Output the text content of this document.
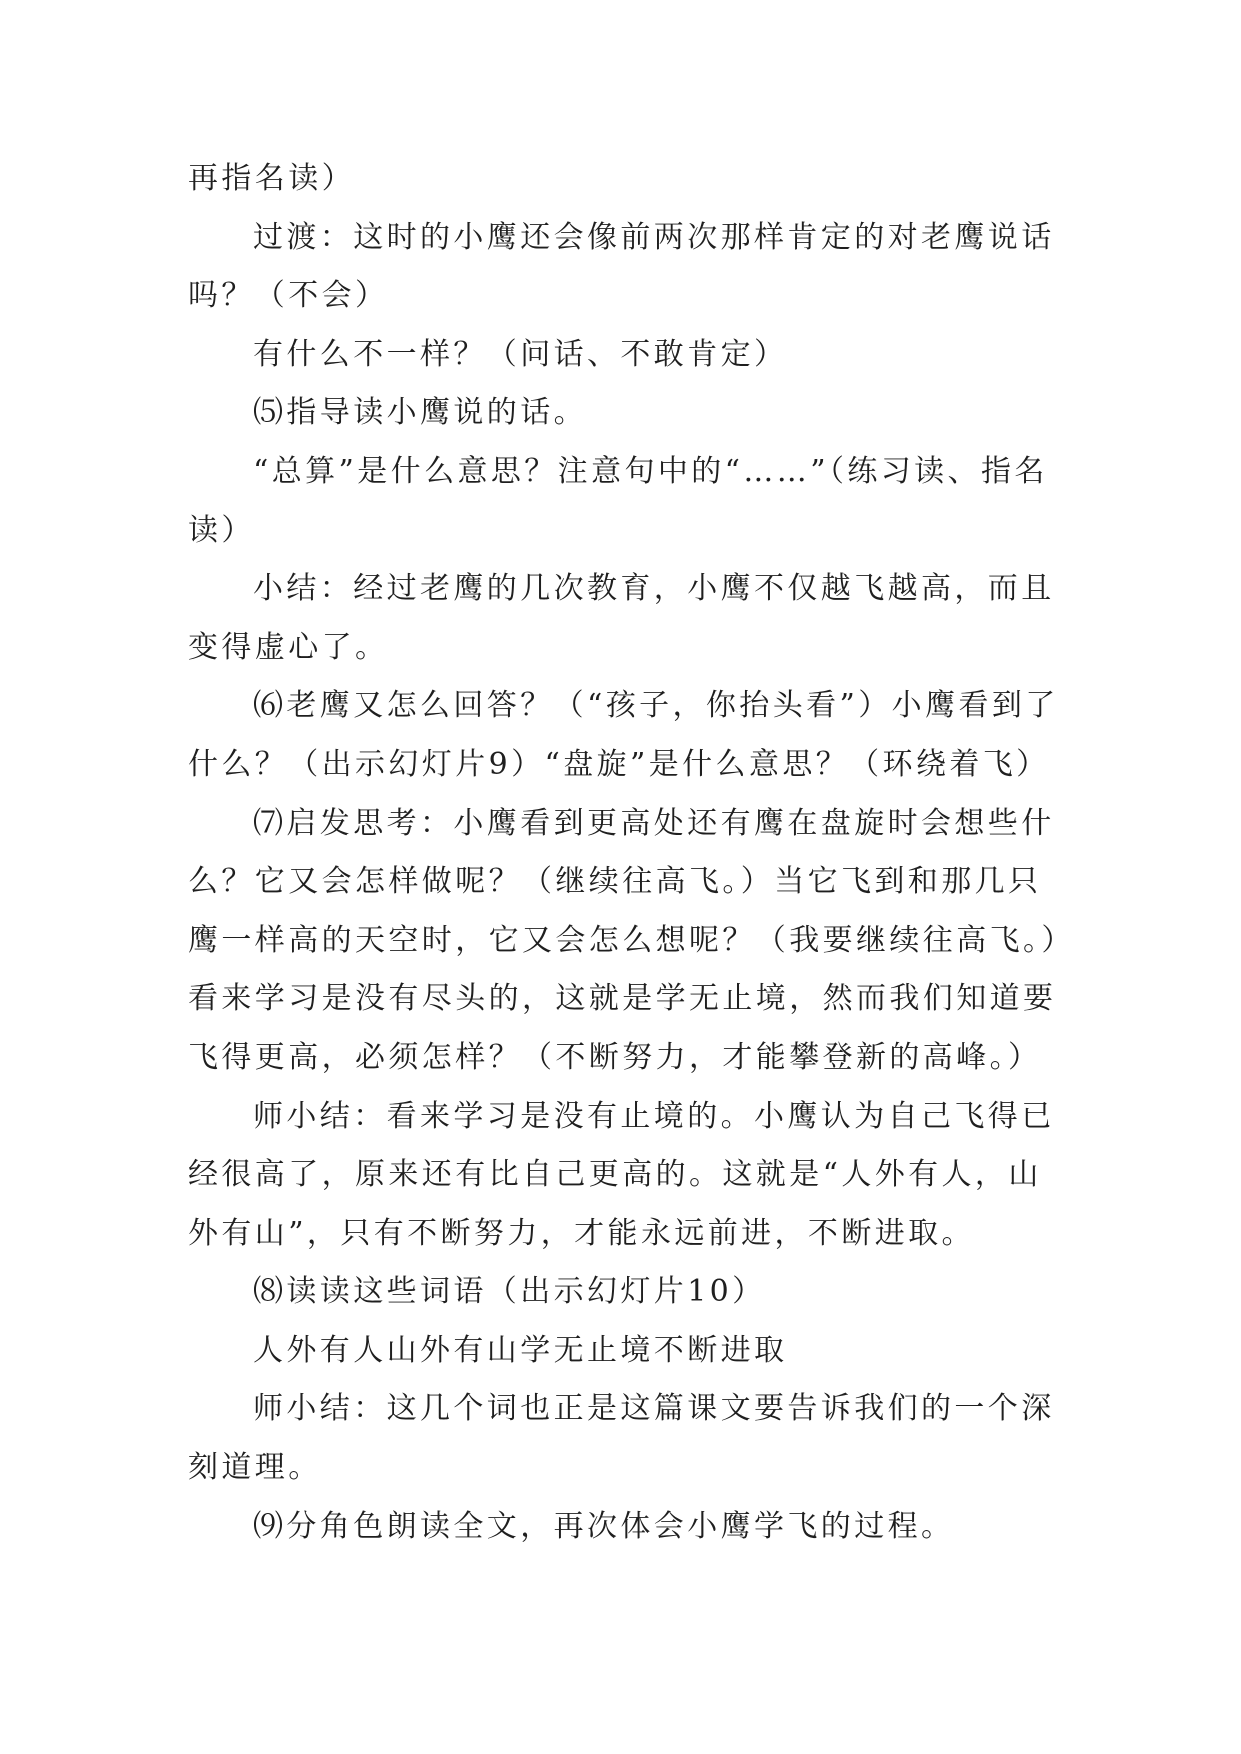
再指名读）

过渡：这时的小鹰还会像前两次那样肯定的对老鹰说话吗？（不会）

有什么不一样？（问话、不敢肯定）

⑸指导读小鹰说的话。

“总算”是什么意思？注意句中的“……”（练习读、指名读）

小结：经过老鹰的几次教育，小鹰不仅越飞越高，而且变得虚心了。

⑹老鹰又怎么回答？（“孩子，你抬头看”）小鹰看到了什么？（出示幻灯片9）“盘旋”是什么意思？（环绕着飞）

⑺启发思考：小鹰看到更高处还有鹰在盘旋时会想些什么？它又会怎样做呢？（继续往高飞。）当它飞到和那几只鹰一样高的天空时，它又会怎么想呢？（我要继续往高飞。）看来学习是没有尽头的，这就是学无止境，然而我们知道要飞得更高，必须怎样？（不断努力，才能攀登新的高峰。）

师小结：看来学习是没有止境的。小鹰认为自己飞得已经很高了，原来还有比自己更高的。这就是“人外有人，山外有山”，只有不断努力，才能永远前进，不断进取。

⑻读读这些词语（出示幻灯片10）

人外有人山外有山学无止境不断进取

师小结：这几个词也正是这篇课文要告诉我们的一个深刻道理。

⑼分角色朗读全文，再次体会小鹰学飞的过程。
